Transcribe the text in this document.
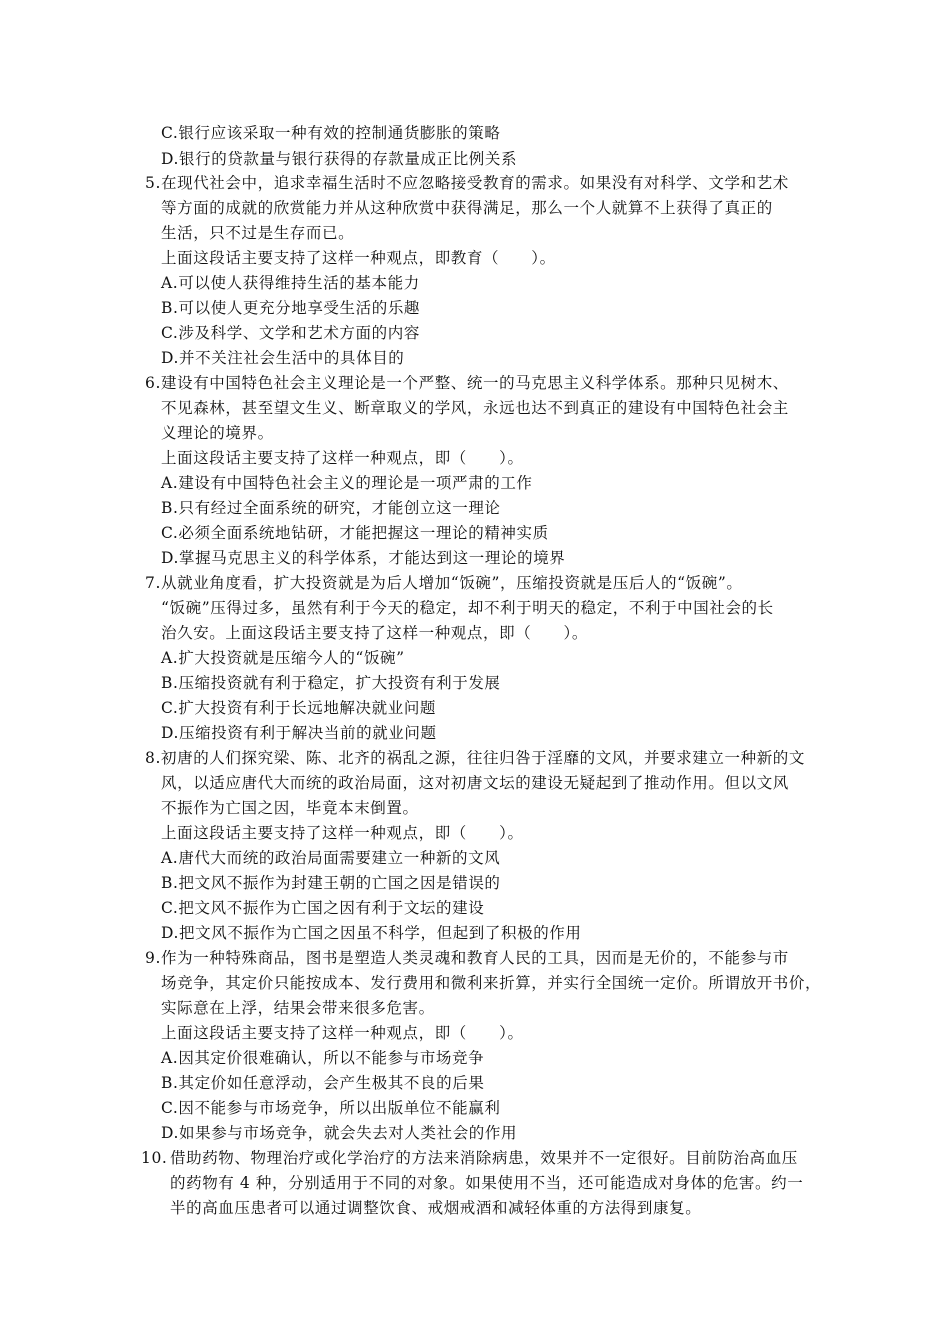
C.银行应该采取一种有效的控制通货膨胀的策略
D.银行的贷款量与银行获得的存款量成正比例关系
5. 在现代社会中，追求幸福生活时不应忽略接受教育的需求。如果没有对科学、文学和艺术
等方面的成就的欣赏能力并从这种欣赏中获得满足，那么一个人就算不上获得了真正的
生活，只不过是生存而已。
上面这段话主要支持了这样一种观点，即教育（　　）。
A.可以使人获得维持生活的基本能力
B.可以使人更充分地享受生活的乐趣
C.涉及科学、文学和艺术方面的内容
D.并不关注社会生活中的具体目的
6. 建设有中国特色社会主义理论是一个严整、统一的马克思主义科学体系。那种只见树木、
不见森林，甚至望文生义、断章取义的学风，永远也达不到真正的建设有中国特色社会主
义理论的境界。
上面这段话主要支持了这样一种观点，即（　　）。
A.建设有中国特色社会主义的理论是一项严肃的工作
B.只有经过全面系统的研究，才能创立这一理论
C.必须全面系统地钻研，才能把握这一理论的精神实质
D.掌握马克思主义的科学体系，才能达到这一理论的境界
7. 从就业角度看，扩大投资就是为后人增加“饭碗”，压缩投资就是压后人的“饭碗”。
“饭碗”压得过多，虽然有利于今天的稳定，却不利于明天的稳定，不利于中国社会的长
治久安。上面这段话主要支持了这样一种观点，即（　　）。
A.扩大投资就是压缩今人的“饭碗”
B.压缩投资就有利于稳定，扩大投资有利于发展
C.扩大投资有利于长远地解决就业问题
D.压缩投资有利于解决当前的就业问题
8. 初唐的人们探究梁、陈、北齐的祸乱之源，往往归咎于淫靡的文风，并要求建立一种新的文
风，以适应唐代大而统的政治局面，这对初唐文坛的建设无疑起到了推动作用。但以文风
不振作为亡国之因，毕竟本末倒置。
上面这段话主要支持了这样一种观点，即（　　）。
A.唐代大而统的政治局面需要建立一种新的文风
B.把文风不振作为封建王朝的亡国之因是错误的
C.把文风不振作为亡国之因有利于文坛的建设
D.把文风不振作为亡国之因虽不科学，但起到了积极的作用
9. 作为一种特殊商品，图书是塑造人类灵魂和教育人民的工具，因而是无价的，不能参与市
场竞争，其定价只能按成本、发行费用和微利来折算，并实行全国统一定价。所谓放开书价，
实际意在上浮，结果会带来很多危害。
上面这段话主要支持了这样一种观点，即（　　）。
A.因其定价很难确认，所以不能参与市场竞争
B.其定价如任意浮动，会产生极其不良的后果
C.因不能参与市场竞争，所以出版单位不能赢利
D.如果参与市场竞争，就会失去对人类社会的作用
10. 借助药物、物理治疗或化学治疗的方法来消除病患，效果并不一定很好。目前防治高血压
的药物有 4 种，分别适用于不同的对象。如果使用不当，还可能造成对身体的危害。约一
半的高血压患者可以通过调整饮食、戒烟戒酒和减轻体重的方法得到康复。
